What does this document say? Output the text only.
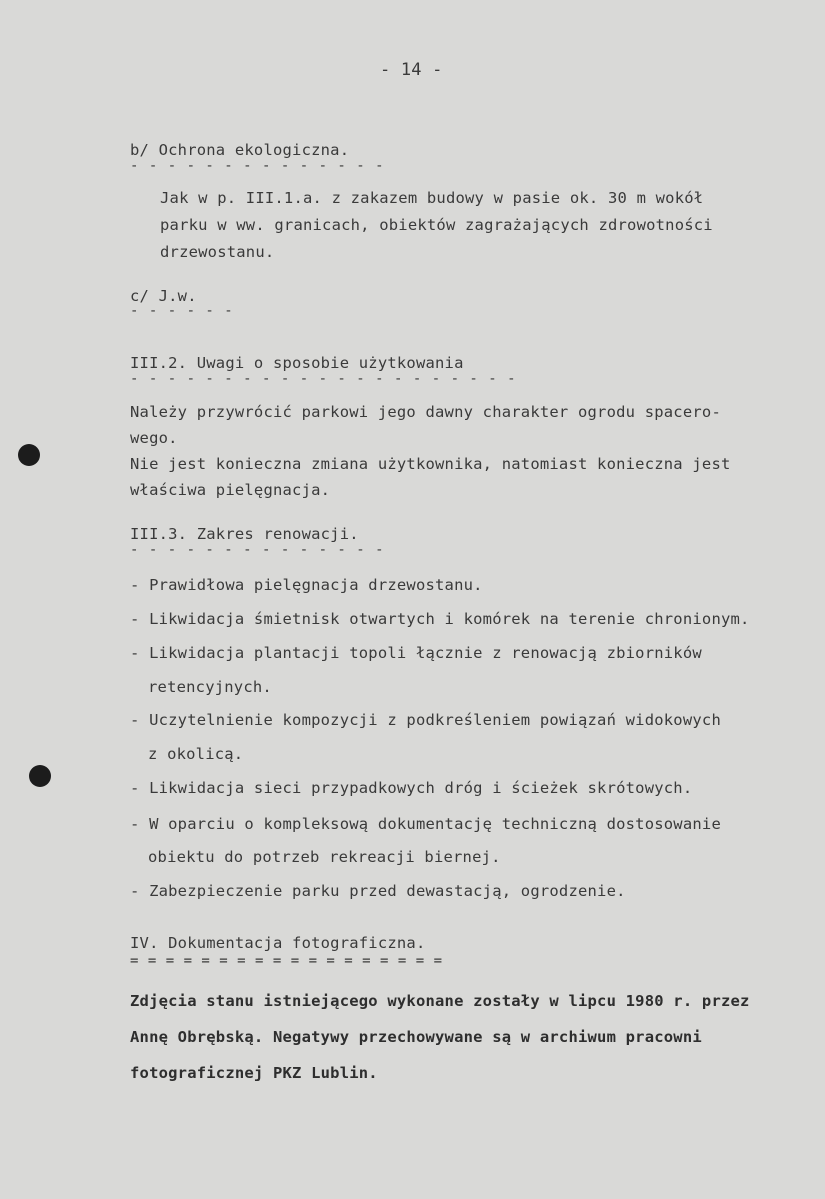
- 14 -
b/ Ochrona ekologiczna.
- - - - - - - - - - - - - -
Jak w p. III.1.a. z zakazem budowy w pasie ok. 30 m wokół
parku w ww. granicach, obiektów zagrażających zdrowotności
drzewostanu.
c/ J.w.
- - - - - -
III.2. Uwagi o sposobie użytkowania
- - - - - - - - - - - - - - - - - - - - -
Należy przywrócić parkowi jego dawny charakter ogrodu spacero-
wego.
Nie jest konieczna zmiana użytkownika, natomiast konieczna jest
właściwa pielęgnacja.
III.3. Zakres renowacji.
- - - - - - - - - - - - - -
- Prawidłowa pielęgnacja drzewostanu.
- Likwidacja śmietnisk otwartych i komórek na terenie chronionym.
- Likwidacja plantacji topoli łącznie z renowacją zbiorników
retencyjnych.
- Uczytelnienie kompozycji z podkreśleniem powiązań widokowych
z okolicą.
- Likwidacja sieci przypadkowych dróg i ścieżek skrótowych.
- W oparciu o kompleksową dokumentację techniczną dostosowanie
obiektu do potrzeb rekreacji biernej.
- Zabezpieczenie parku przed dewastacją, ogrodzenie.
IV. Dokumentacja fotograficzna.
= = = = = = = = = = = = = = = = = =
Zdjęcia stanu istniejącego wykonane zostały w lipcu 1980 r. przez
Annę Obrębską. Negatywy przechowywane są w archiwum pracowni
fotograficznej PKZ Lublin.
